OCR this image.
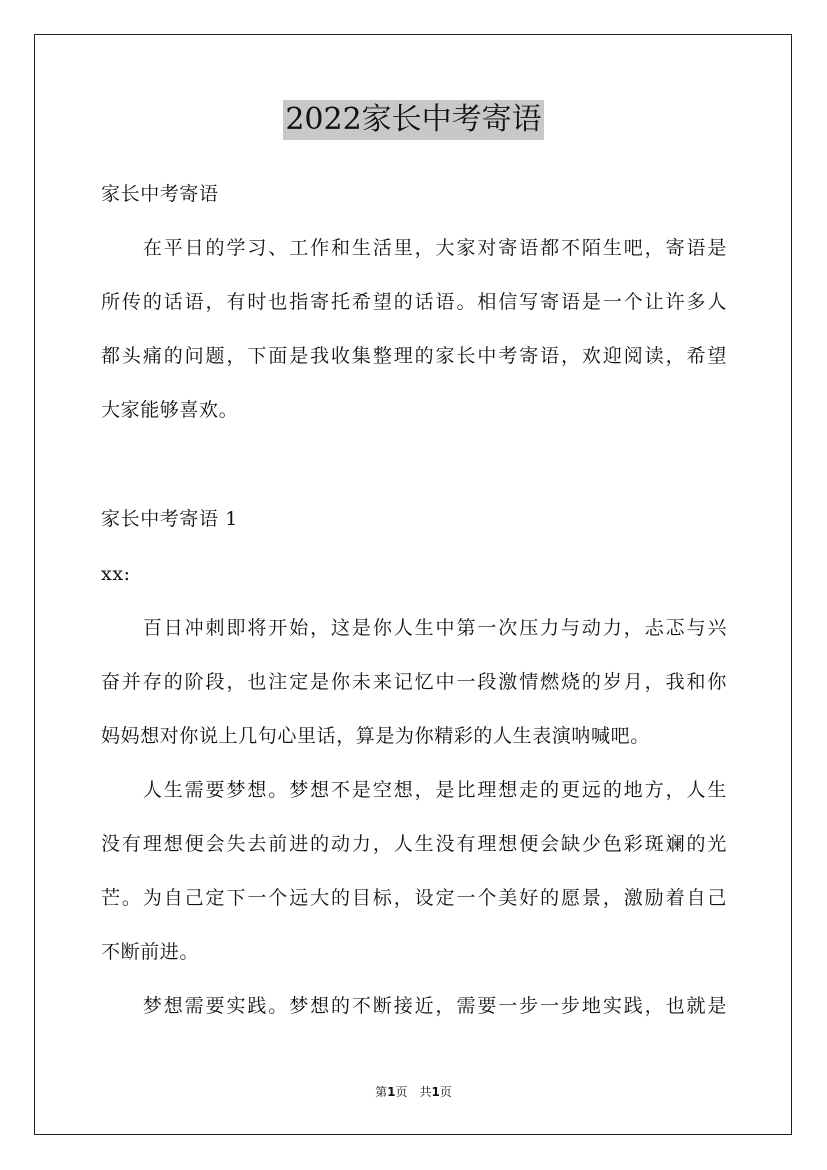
2022家长中考寄语
家长中考寄语
　　在平日的学习、工作和生活里，大家对寄语都不陌生吧，寄语是
所传的话语，有时也指寄托希望的话语。相信写寄语是一个让许多人
都头痛的问题，下面是我收集整理的家长中考寄语，欢迎阅读，希望
大家能够喜欢。
家长中考寄语 1
xx:
　　百日冲刺即将开始，这是你人生中第一次压力与动力，忐忑与兴
奋并存的阶段，也注定是你未来记忆中一段激情燃烧的岁月，我和你
妈妈想对你说上几句心里话，算是为你精彩的人生表演呐喊吧。
　　人生需要梦想。梦想不是空想，是比理想走的更远的地方，人生
没有理想便会失去前进的动力，人生没有理想便会缺少色彩斑斓的光
芒。为自己定下一个远大的目标，设定一个美好的愿景，激励着自己
不断前进。
　　梦想需要实践。梦想的不断接近，需要一步一步地实践，也就是
第1页　共1页
